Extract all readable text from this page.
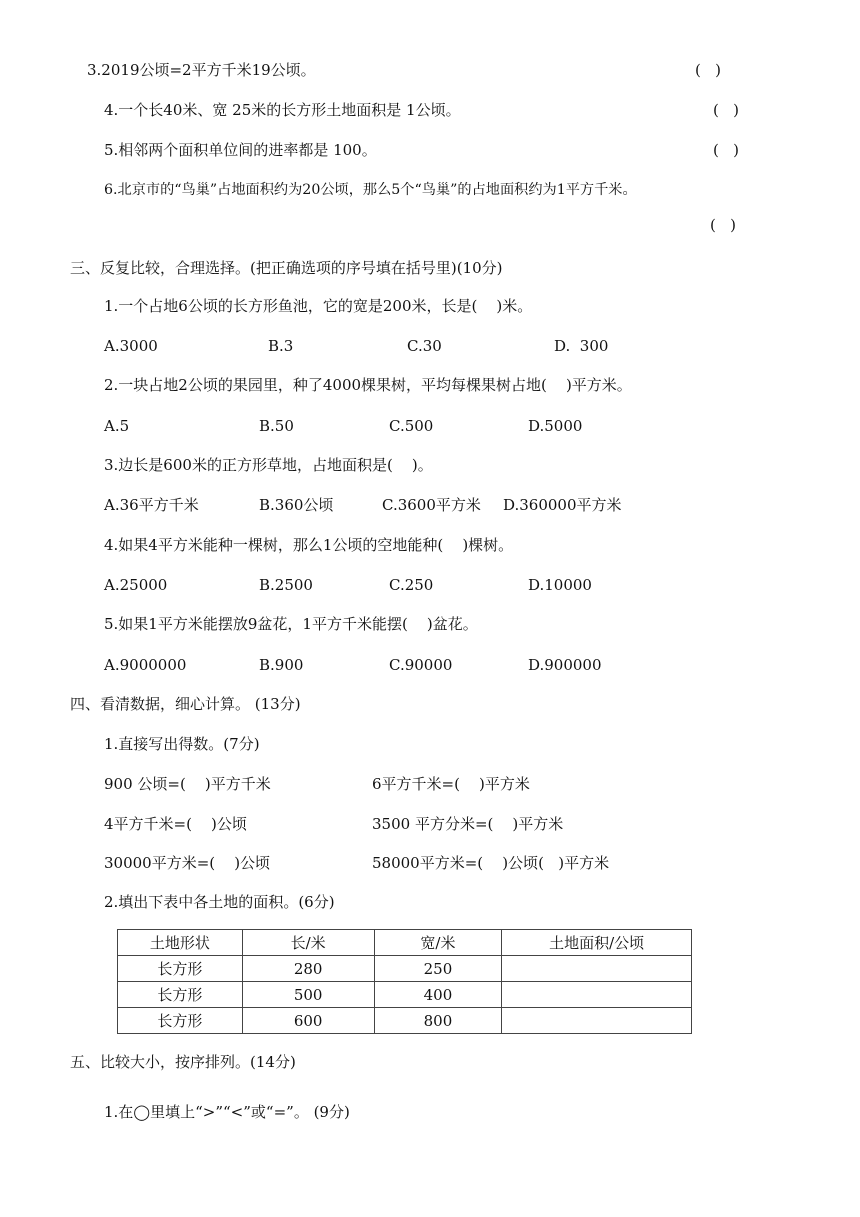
3.2019公顷=2平方千米19公顷。	(   )
4.一个长40米、宽 25米的长方形土地面积是 1公顷。	(   )
5.相邻两个面积单位间的进率都是 100。	(   )
6.北京市的“鸟巢”占地面积约为20公顷，那么5个“鸟巢”的占地面积约为1平方千米。
(   )
三、反复比较，合理选择。(把正确选项的序号填在括号里)(10分)
1.一个占地6公顷的长方形鱼池，它的宽是200米，长是(    )米。
A.3000	B.3	C.30	D.  300
2.一块占地2公顷的果园里，种了4000棵果树，平均每棵果树占地(    )平方米。
A.5	B.50	C.500	D.5000
3.边长是600米的正方形草地，占地面积是(    )。
A.36平方千米	B.360公顷	C.3600平方米 D.360000平方米
4.如果4平方米能种一棵树，那么1公顷的空地能种(    )棵树。
A.25000	B.2500	C.250	D.10000
5.如果1平方米能摆放9盆花，1平方千米能摆(    )盆花。
A.9000000	B.900	C.90000	D.900000
四、看清数据，细心计算。 (13分)
1.直接写出得数。(7分)
900 公顷=(    )平方千米	6平方千米=(    )平方米
4平方千米=(    )公顷	3500 平方分米=(    )平方米
30000平方米=(    )公顷	58000平方米=(    )公顷(   )平方米
2.填出下表中各土地的面积。(6分)
土地形状	长/米	宽/米	土地面积/公顷
长方形	280	250	
长方形	500	400	
长方形	600	800	
五、比较大小，按序排列。(14分)
1.在◯里填上“>”“<”或“=”。 (9分)
